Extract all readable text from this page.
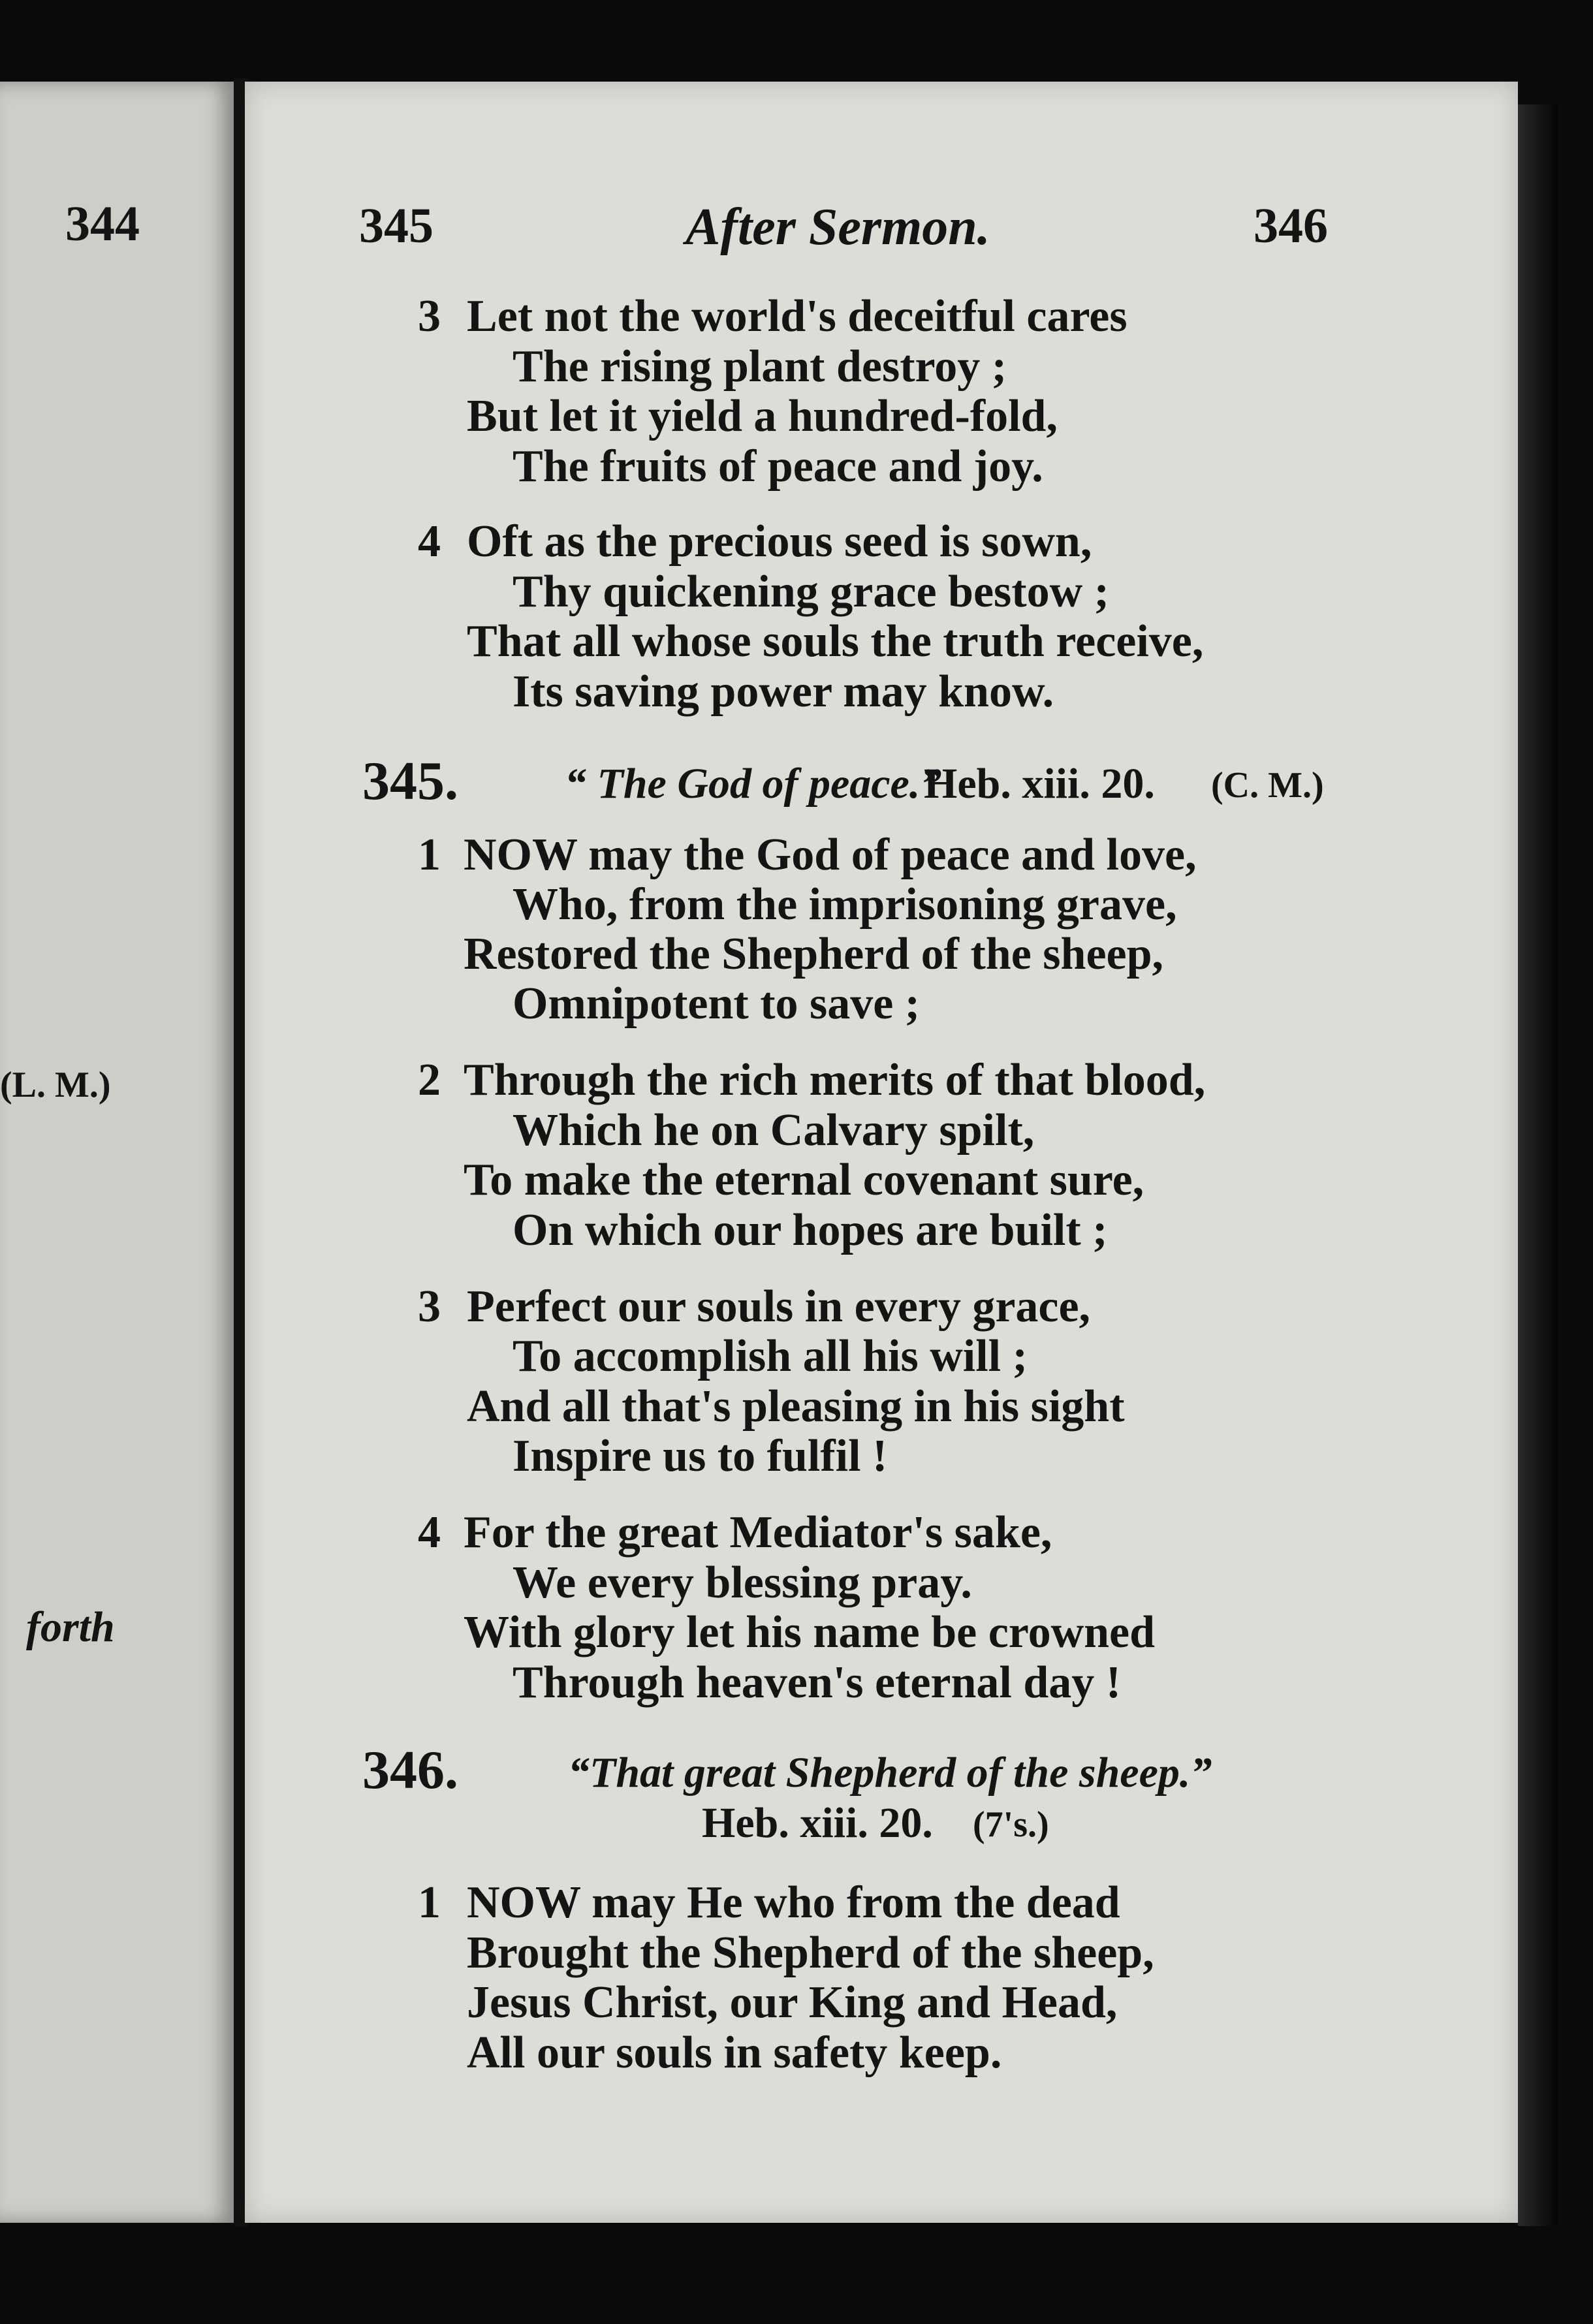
344
(L. M.)
forth
345	After Sermon.	346
3 Let not the world's deceitful cares
The rising plant destroy ;
But let it yield a hundred-fold,
The fruits of peace and joy.
4 Oft as the precious seed is sown,
Thy quickening grace bestow ;
That all whose souls the truth receive,
Its saving power may know.
345. “ The God of peace.”
Heb. xiii. 20. (C. M.)
1 NOW may the God of peace and love,
Who, from the imprisoning grave,
Restored the Shepherd of the sheep,
Omnipotent to save ;
2 Through the rich merits of that blood,
Which he on Calvary spilt,
To make the eternal covenant sure,
On which our hopes are built ;
3 Perfect our souls in every grace,
To accomplish all his will ;
And all that's pleasing in his sight
Inspire us to fulfil !
4 For the great Mediator's sake,
We every blessing pray.
With glory let his name be crowned
Through heaven's eternal day !
346.	“That great Shepherd of the sheep.”
Heb. xiii. 20. (7's.)
1 NOW may He who from the dead
Brought the Shepherd of the sheep,
Jesus Christ, our King and Head,
All our souls in safety keep.
